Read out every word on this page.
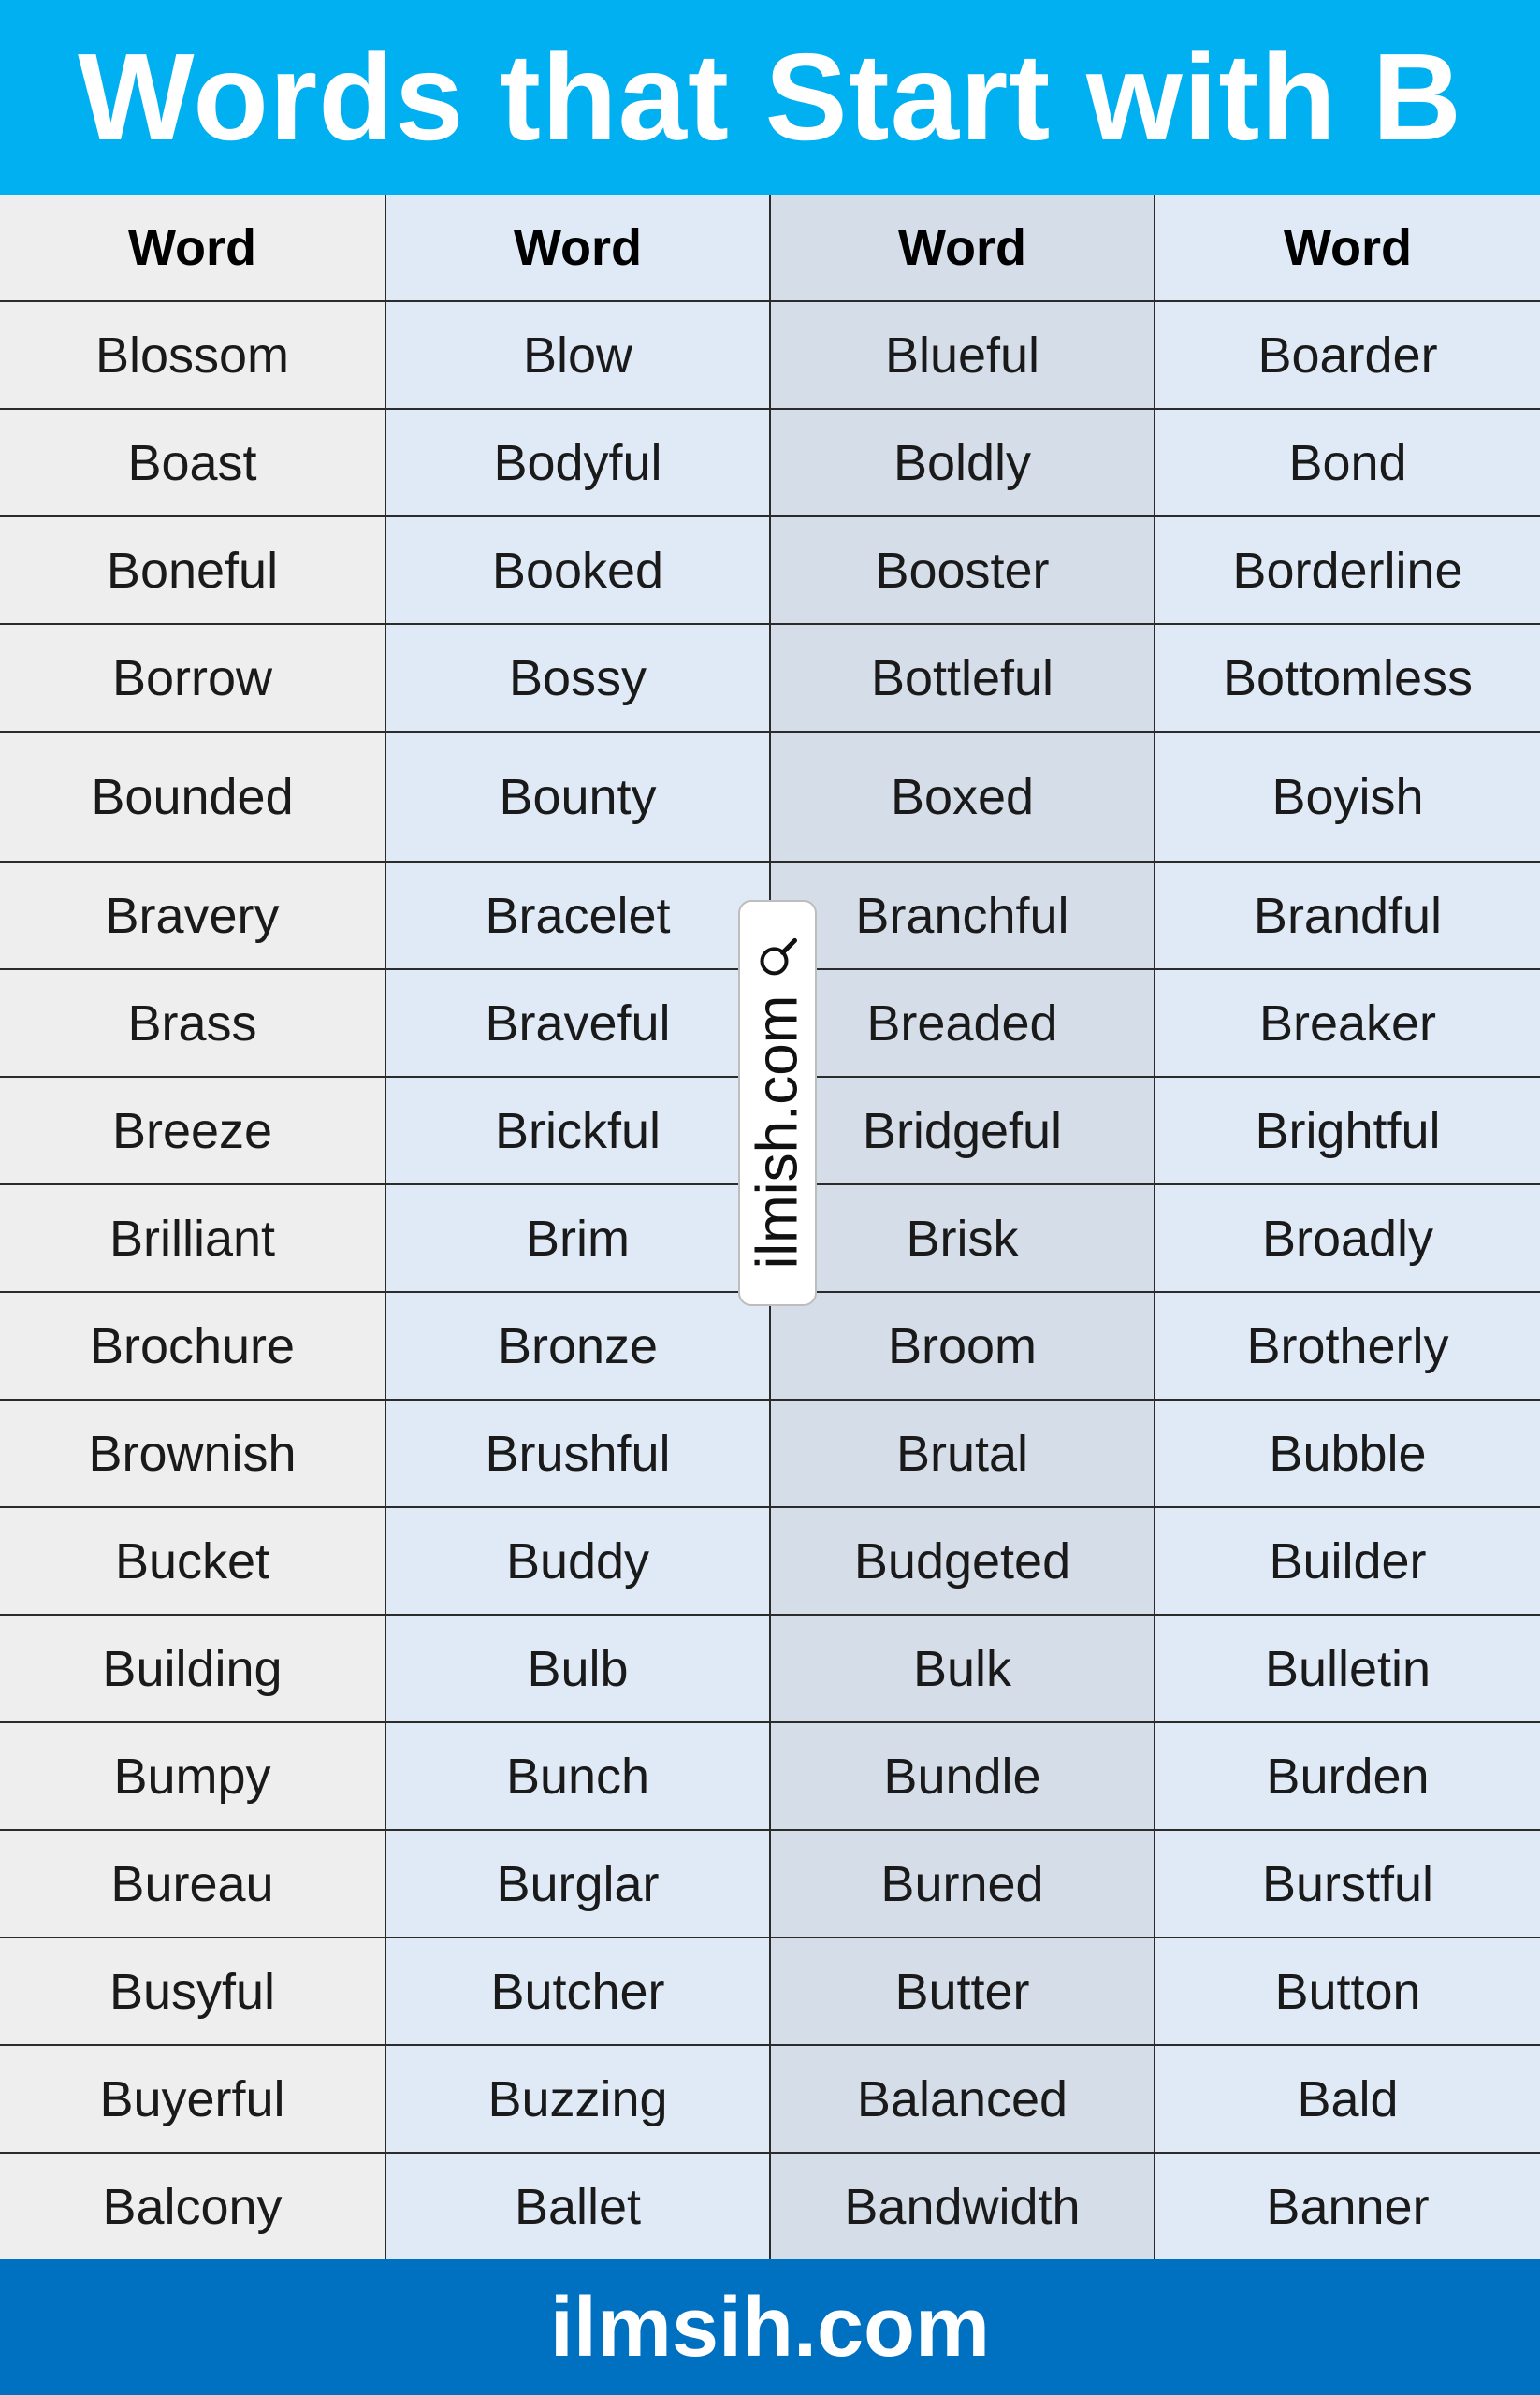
Words that Start with B
Word	Word	Word	Word
Blossom	Blow	Blueful	Boarder
Boast	Bodyful	Boldly	Bond
Boneful	Booked	Booster	Borderline
Borrow	Bossy	Bottleful	Bottomless
Bounded	Bounty	Boxed	Boyish
Bravery	Bracelet	Branchful	Brandful
Brass	Braveful	Breaded	Breaker
Breeze	Brickful	Bridgeful	Brightful
Brilliant	Brim	Brisk	Broadly
Brochure	Bronze	Broom	Brotherly
Brownish	Brushful	Brutal	Bubble
Bucket	Buddy	Budgeted	Builder
Building	Bulb	Bulk	Bulletin
Bumpy	Bunch	Bundle	Burden
Bureau	Burglar	Burned	Burstful
Busyful	Butcher	Butter	Button
Buyerful	Buzzing	Balanced	Bald
Balcony	Ballet	Bandwidth	Banner
ilmish.com
ilmsih.com
